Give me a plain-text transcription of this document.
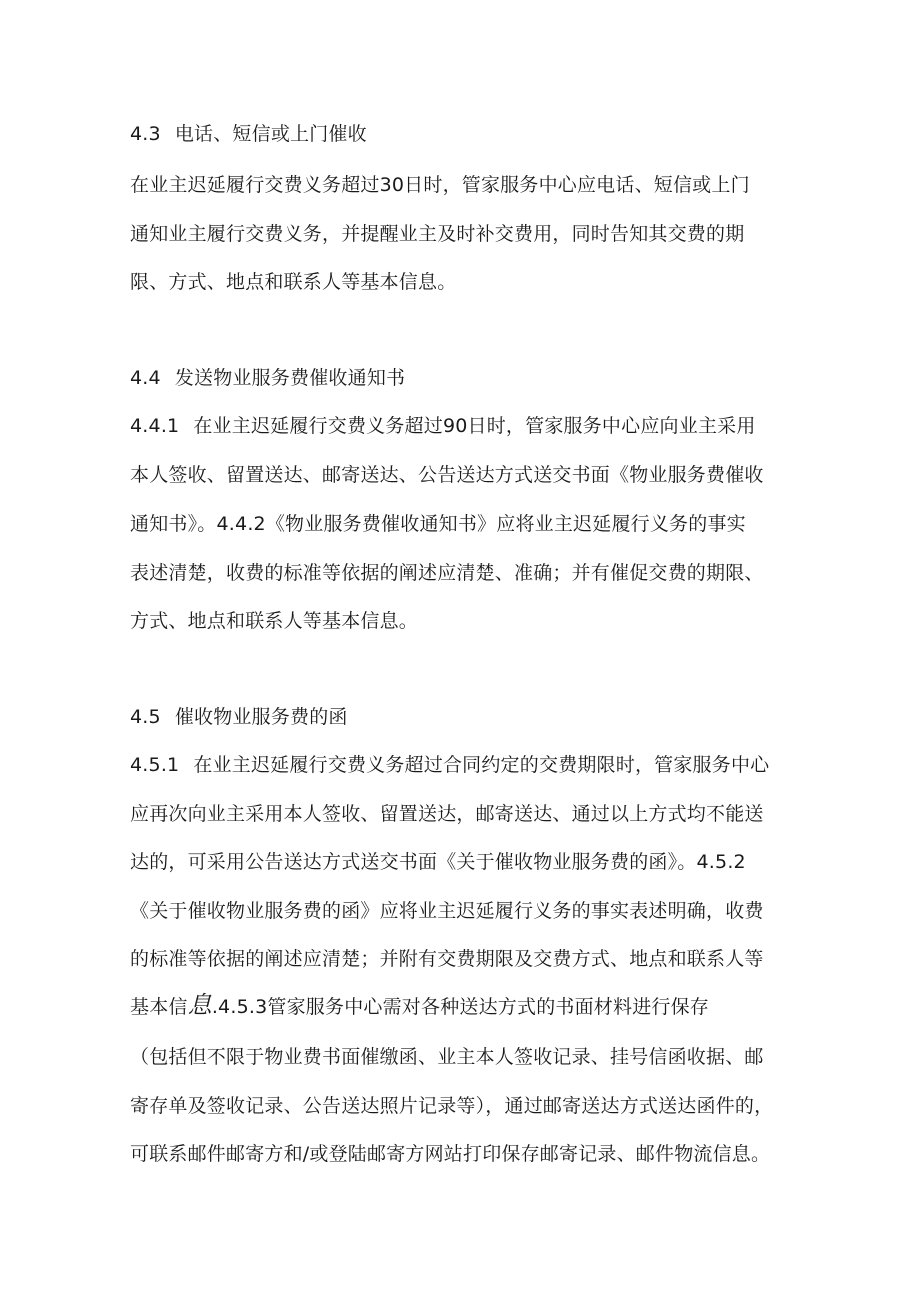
4.3 电话、短信或上门催收
在业主迟延履行交费义务超过30日时，管家服务中心应电话、短信或上门
通知业主履行交费义务，并提醒业主及时补交费用，同时告知其交费的期
限、方式、地点和联系人等基本信息。
4.4 发送物业服务费催收通知书
4.4.1 在业主迟延履行交费义务超过90日时，管家服务中心应向业主采用
本人签收、留置送达、邮寄送达、公告送达方式送交书面《物业服务费催收
通知书》。4.4.2《物业服务费催收通知书》应将业主迟延履行义务的事实
表述清楚，收费的标准等依据的阐述应清楚、准确；并有催促交费的期限、
方式、地点和联系人等基本信息。
4.5 催收物业服务费的函
4.5.1 在业主迟延履行交费义务超过合同约定的交费期限时，管家服务中心
应再次向业主采用本人签收、留置送达，邮寄送达、通过以上方式均不能送
达的，可采用公告送达方式送交书面《关于催收物业服务费的函》。4.5.2
《关于催收物业服务费的函》应将业主迟延履行义务的事实表述明确，收费
的标准等依据的阐述应清楚；并附有交费期限及交费方式、地点和联系人等
基本信息.4.5.3管家服务中心需对各种送达方式的书面材料进行保存
（包括但不限于物业费书面催缴函、业主本人签收记录、挂号信函收据、邮
寄存单及签收记录、公告送达照片记录等），通过邮寄送达方式送达函件的，
可联系邮件邮寄方和/或登陆邮寄方网站打印保存邮寄记录、邮件物流信息。
